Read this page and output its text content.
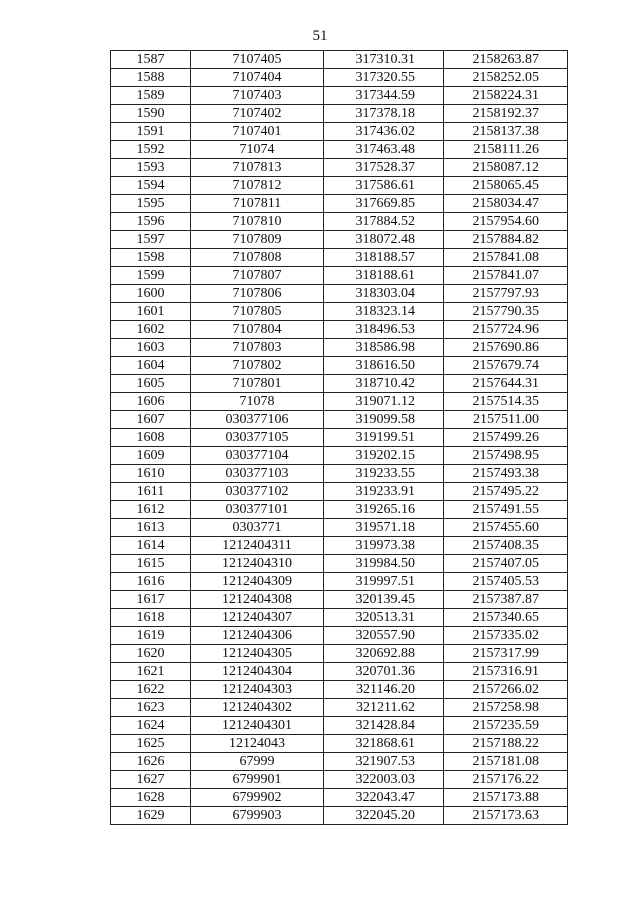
51
1587	7107405	317310.31	2158263.87
1588	7107404	317320.55	2158252.05
1589	7107403	317344.59	2158224.31
1590	7107402	317378.18	2158192.37
1591	7107401	317436.02	2158137.38
1592	71074	317463.48	2158111.26
1593	7107813	317528.37	2158087.12
1594	7107812	317586.61	2158065.45
1595	7107811	317669.85	2158034.47
1596	7107810	317884.52	2157954.60
1597	7107809	318072.48	2157884.82
1598	7107808	318188.57	2157841.08
1599	7107807	318188.61	2157841.07
1600	7107806	318303.04	2157797.93
1601	7107805	318323.14	2157790.35
1602	7107804	318496.53	2157724.96
1603	7107803	318586.98	2157690.86
1604	7107802	318616.50	2157679.74
1605	7107801	318710.42	2157644.31
1606	71078	319071.12	2157514.35
1607	030377106	319099.58	2157511.00
1608	030377105	319199.51	2157499.26
1609	030377104	319202.15	2157498.95
1610	030377103	319233.55	2157493.38
1611	030377102	319233.91	2157495.22
1612	030377101	319265.16	2157491.55
1613	0303771	319571.18	2157455.60
1614	1212404311	319973.38	2157408.35
1615	1212404310	319984.50	2157407.05
1616	1212404309	319997.51	2157405.53
1617	1212404308	320139.45	2157387.87
1618	1212404307	320513.31	2157340.65
1619	1212404306	320557.90	2157335.02
1620	1212404305	320692.88	2157317.99
1621	1212404304	320701.36	2157316.91
1622	1212404303	321146.20	2157266.02
1623	1212404302	321211.62	2157258.98
1624	1212404301	321428.84	2157235.59
1625	12124043	321868.61	2157188.22
1626	67999	321907.53	2157181.08
1627	6799901	322003.03	2157176.22
1628	6799902	322043.47	2157173.88
1629	6799903	322045.20	2157173.63
